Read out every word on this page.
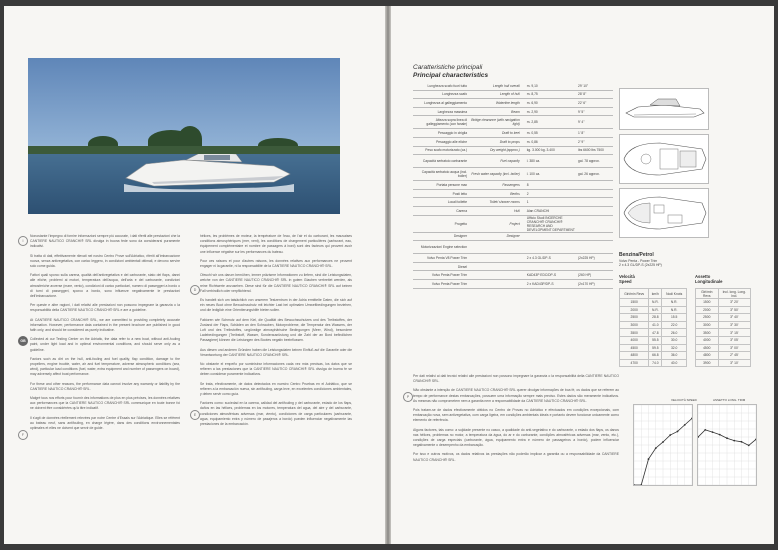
I

Nonostante l'impegno di fornire informazioni sempre più accurate, i dati riferiti alle prestazioni che la CANTIERE NAUTICO CRANCHI® SRL divulga in buona fede sono da considerarsi puramente indicativi.

Si tratta di dati, effettivamente rilevati nel nostro Centro Prove sull'Adriatico, riferiti all'imbarcazione nuova, senza antivegetativa, con carico leggero, in condizioni ambientali ottimali, e devono servire solo come guida.

Fattori quali sporco sulla carena, qualità dell'antivegetativa e del carburante, stato dei flaps, danni alle eliche, problemi ai motori, temperatura dell'acqua, dell'aria e del carburante, condizioni atmosferiche avverse (mare, vento), condizioni di carico particolari, numero di passeggeri a bordo o di turni di passeggeri, sporco a bordo, sono influenze negativamente le prestazioni dell'imbarcazione.

Per queste e altre ragioni, i dati relativi alle prestazioni non possono impegnare la garanzia o la responsabilità della CANTIERE NAUTICO CRANCHI® SRL e are a guideline.

At CANTIERE NAUTICO CRANCHI® SRL, we are committed to providing completely accurate information. However, performance data contained in the present brochure are published in good faith only, and should be considered as purely indicative.

Collected at our Testing Center on the Adriatic, the data refer to a new boat, without anti-fouling paint, under light load and in optimal environmental conditions, and should serve only as a guideline.

Factors such as dirt on the hull, anti-fouling and fuel quality, flap condition, damage to the propellers, engine trouble, water, air and fuel temperature, adverse atmospheric conditions (sea, wind), particular load conditions (fuel, water, extra equipment and number of passengers on board), may adversely affect boat performance.

For these and other reasons, the performance data cannot involve any warranty or liability by the CANTIERE NAUTICO CRANCHI® SRL.

Malgré tous nos efforts pour fournir des informations de plus en plus précises, les données relatives aux performances que la CANTIERE NAUTICO CRANCHI® SRL communique en toute bonne foi ne doivent être considérées qu'à titre indicatif.

Il s'agit de données réellement relevées par notre Centre d'Essais sur l'Adriatique. Elles se réfèrent au bateau neuf, sans antifouling, en charge légère, dans des conditions environnementales optimales et elles ne doivent que servir de guide.

GB
F

hélices, les problèmes de moteur, la température de l'eau, de l'air et du carburant, les mauvaises conditions atmosphériques (mer, vent), les conditions de chargement particulières (carburant, eau, équipement complémentaire et nombre de passagers à bord) sont des facteurs qui peuvent avoir une influence négative sur les performances du bateau.

Pour ces raisons et pour d'autres raisons, les données relatives aux performances ne peuvent engager ni la garantie, ni la responsabilité de la CANTIERE NAUTICO CRANCHI® SRL.

Obwohl wir uns darum bemühen, immer präzisere Informationen zu liefern, sind die Leistungsdaten, welche von der CANTIERE NAUTICO CRANCHI® SRL in gutem Glauben verbreitet werden, als reine Richtwerte anzusehen. Diese sind für die CANTIERE NAUTICO CRANCHI® SRL auf keinen Fall verbindlich oder verpflichtend.

Es handelt sich um tatsächlich von unserem Testzentrum in der Adria ermittelte Daten, die sich auf ein neues Boot ohne Bewuchsschutz mit leichter Last bei optimalen Umweltbedingungen beziehen, und die lediglich eine Orientierungshilfe bieten sollen.

Faktoren wie Schmutz auf dem Kiel, die Qualität des Bewuchsschutzes und des Treibstoffes, der Zustand der Flaps, Schäden an den Schrauben, Motorprobleme, die Temperatur des Wassers, der Luft und des Treibstoffes, ungünstige atmosphärische Bedingungen (Meer, Wind), besondere Ladebedingungen (Treibstoff, Wasser, Sonderausrüstung und die Zahl der an Bord befindlichen Passagiere) können die Leistungen des Bootes negativ beeinflussen.

Aus diesen und anderen Gründen haben die Leistungsdaten keinen Einfluß auf die Garantie oder die Verantwortung der CANTIERE NAUTICO CRANCHI® SRL.

No obstante el empeño por suministrar informaciones cada vez más precisas, los datos que se refieren a las prestaciones que la CANTIERE NAUTICO CRANCHI® SRL divulga de buena fe se deben considerar puramente indicativos.

Se trata, efectivamente, de datos detectados en nuestro Centro Pruebas en el Adriático, que se refieren a la embarcación nueva, sin antifouling, carga leve, en excelentes condiciones ambientales, y deben servir como guía.

Factores como: suciedad en la carena, calidad del antifouling y del carburante, estado de los flaps, daños en las hélices, problemas en los motores, temperatura del agua, del aire y del carburante, condiciones atmosféricas adversas (mar, viento), condiciones de carga particulares (carburante, agua, equipamiento extra y número de pasajeros a bordo) pueden influenciar negativamente las prestaciones de la embarcación.

D
E
Caratteristiche principali
Principal characteristics
Lunghezza scafo fuori tutto	Length hull overall	m. 9,10	29' 10"
Lunghezza scafo	Length of hull	m. 8,75	28' 8"
Lunghezza al galleggiamento	Waterline length	m. 6,90	22' 6"
Larghezza massima	Beam	m. 2,90	9' 5"
Altezza sopra linea di galleggiamento (con fanale)	Bridge clearance (with navigation light)	m. 2,85	9' 4"
Pescaggio in chiglia	Draft to keel	m. 0,55	1' 8"
Pescaggio alle eliche	Draft to props	m. 0,86	2' 9"
Peso scafo motorizzato (ca.)	Dry weight (approx.)	kg. 3.000 kg. 3.400	lbs 6600 lbs 7500
Capacità serbatoio carburante	Fuel capacity	l. 380 ca.	gal. 78 approx.
Capacità serbatoio acqua (incl. boiler)	Fresh water capacity (incl. boiler)	l. 100 ca.	gal. 26 approx.
Portata persone max	Passengers	8	
Posti letto	Berths	2	
Locali toilette	Toilet/ shower rooms	1	
Carena	Hull	Alan CRANCHI	
Progetto	Project	Ufficio Studi INGERCHE CRANCHI® CRANCHI® RESEARCH AND DEVELOPMENT DEPARTMENT	
Designer	Designer		
Motorizzazioni Engine selection			
Volvo Penta V8 Power Trim		2 x 4.3 GL/DP-S	(2x225 HP)
Diesel			
Volvo Penta Power Trim		KAD43P EDC/DP-S	(260 HP)
Volvo Penta Power Trim		2 x KAD43P/DP-S	(2x170 HP)
Benzina/Petrol
Volvo Penta - Power Trim
2 x 4.3 GL/DP-S (2x225 HP)
Velocità
Speed
Assetto
Longitudinale
Giri/min Revs	km/h	Nodi Knots
1500	N.R.	N.R.
2000	N.R.	N.R.
2500	28.8	15.5
3000	41.0	22.0
3500	47.8	26.0
4000	55.5	30.0
4500	59.5	32.0
4800	66.8	36.0
4700	74.0	40.0
Giri/min Revs	Incl. long. Long. Incl.
1500	3° 20'
2000	3° 50'
2500	3° 40'
3000	3° 30'
3500	3° 15'
4000	3° 05'
4500	3° 00'
4800	2° 45'
3900	3° 10'

Per dati relativi ai dati tecnici relativi alle prestazioni non possono impegnare la garanzia o la responsabilità della CANTIERE NAUTICO CRANCHI® SRL.

Não obstante a intenção de CANTIERE NAUTICO CRANCHI® SRL querer divulgar informações de boa fé, os dados que se referem ao tempo de performance destas embarcações, possuem uma informação sempre mais preciso. Estes dados são meramente indicativos. As mesmas não comprometem nem a garantia nem a responsabilidade da CANTIERE NAUTICO CRANCHI® SRL.

Pois tratam-se de dados efectivamente obtidos no Centro de Provas no Adriático e efectuados em condições excepcionais, com embarcação nova, sem antivegetativa, com carga ligeira, em condições ambientais ideais e portanto devem funcionar unicamente como elemento de referência.

Alguns factores, tais como: a sujidade presente no casco, a qualidade do anti-vegetativo e do carburante, o estado dos flaps, os danos nas hélices, problemas no motor, a temperatura da água, do ar e do carburante, condições atmosféricas adversas (mar, vento, etc.), condições de carga especiais (carburante, água, equipamento extra e número de passageiros a bordo), podem influenciar negativamente o desempenho da embarcação.

Por isso e outros motivos, os dados relativos às prestações não poderão implicar a garantia ou a responsabilidade da CANTIERE NAUTICO CRANCHI® SRL.

P
VELOCITÀ SPEED	ASSETTO LONG. TRIM
